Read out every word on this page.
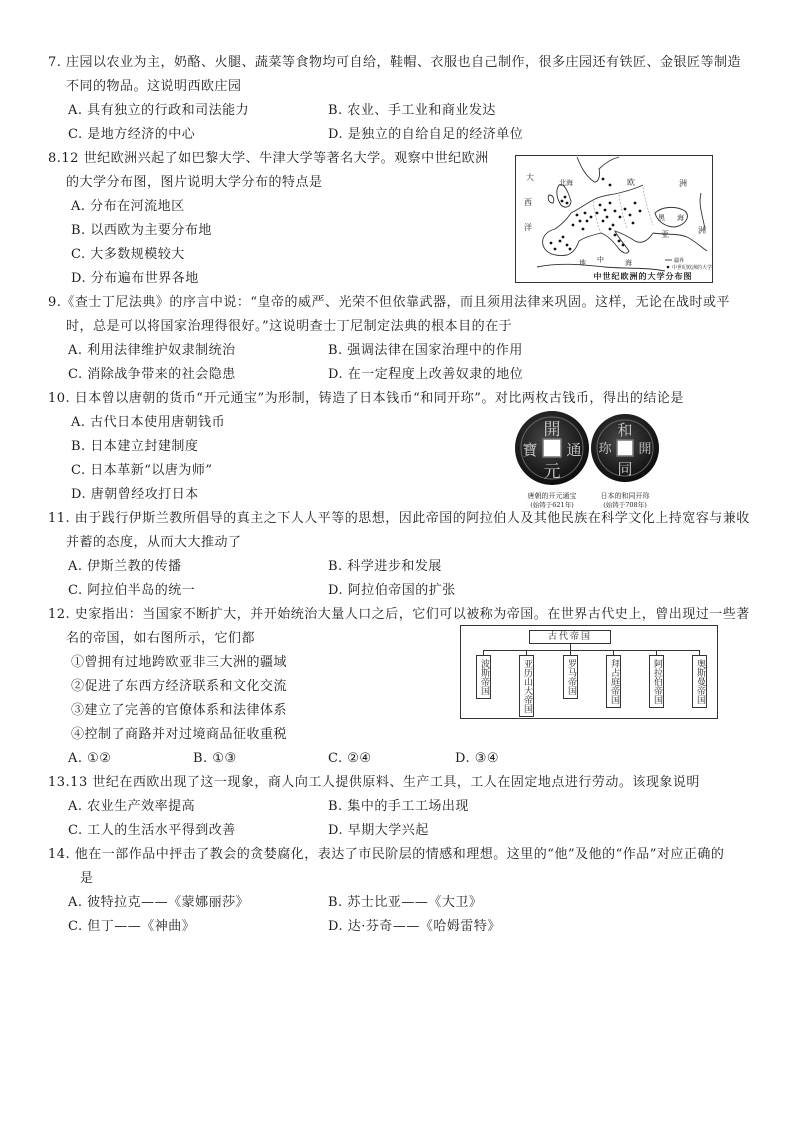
7. 庄园以农业为主，奶酪、火腿、蔬菜等食物均可自给，鞋帽、衣服也自己制作，很多庄园还有铁匠、金银匠等制造
不同的物品。这说明西欧庄园
A. 具有独立的行政和司法能力	B. 农业、手工业和商业发达
C. 是地方经济的中心	D. 是独立的自给自足的经济单位
8.12 世纪欧洲兴起了如巴黎大学、牛津大学等著名大学。观察中世纪欧洲
的大学分布图，图片说明大学分布的特点是
A. 分布在河流地区
B. 以西欧为主要分布地
C. 大多数规模较大
D. 分布遍布世界各地
9.《查士丁尼法典》的序言中说：“皇帝的威严、光荣不但依靠武器，而且须用法律来巩固。这样，无论在战时或平
时，总是可以将国家治理得很好。”这说明查士丁尼制定法典的根本目的在于
A. 利用法律维护奴隶制统治	B. 强调法律在国家治理中的作用
C. 消除战争带来的社会隐患	D. 在一定程度上改善奴隶的地位
10. 日本曾以唐朝的货币“开元通宝”为形制，铸造了日本钱币“和同开珎”。对比两枚古钱币，得出的结论是
A. 古代日本使用唐朝钱币
B. 日本建立封建制度
C. 日本革新“以唐为师”
D. 唐朝曾经攻打日本
11. 由于践行伊斯兰教所倡导的真主之下人人平等的思想，因此帝国的阿拉伯人及其他民族在科学文化上持宽容与兼收
并蓄的态度，从而大大推动了
A. 伊斯兰教的传播	B. 科学进步和发展
C. 阿拉伯半岛的统一	D. 阿拉伯帝国的扩张
12. 史家指出：当国家不断扩大，并开始统治大量人口之后，它们可以被称为帝国。在世界古代史上，曾出现过一些著
名的帝国，如右图所示，它们都
①曾拥有过地跨欧亚非三大洲的疆域
②促进了东西方经济联系和文化交流
③建立了完善的官僚体系和法律体系
④控制了商路并对过境商品征收重税
A. ①②	B. ①③	C. ②④	D. ③④
13.13 世纪在西欧出现了这一现象，商人向工人提供原料、生产工具，工人在固定地点进行劳动。该现象说明
A. 农业生产效率提高	B. 集中的手工工场出现
C. 工人的生活水平得到改善	D. 早期大学兴起
14. 他在一部作品中抨击了教会的贪婪腐化，表达了市民阶层的情感和理想。这里的“他”及他的“作品”对应正确的
是
A. 彼特拉克——《蒙娜丽莎》	B. 苏士比亚——《大卫》
C. 但丁——《神曲》	D. 达·芬奇——《哈姆雷特》
大
北海	欧	洲
西
洋
黑 海
亚	洲
地 中	海	疆界
中世纪欧洲的大学
中世纪欧洲的大学分布图
開
元
通
寶
唐朝的开元通宝
(始铸于621年)
和
同
開
珎
日本的和同开珎
(始铸于708年)
古代帝国
波斯帝国	亚历山大帝国	罗马帝国	拜占庭帝国	阿拉伯帝国	奥斯曼帝国
